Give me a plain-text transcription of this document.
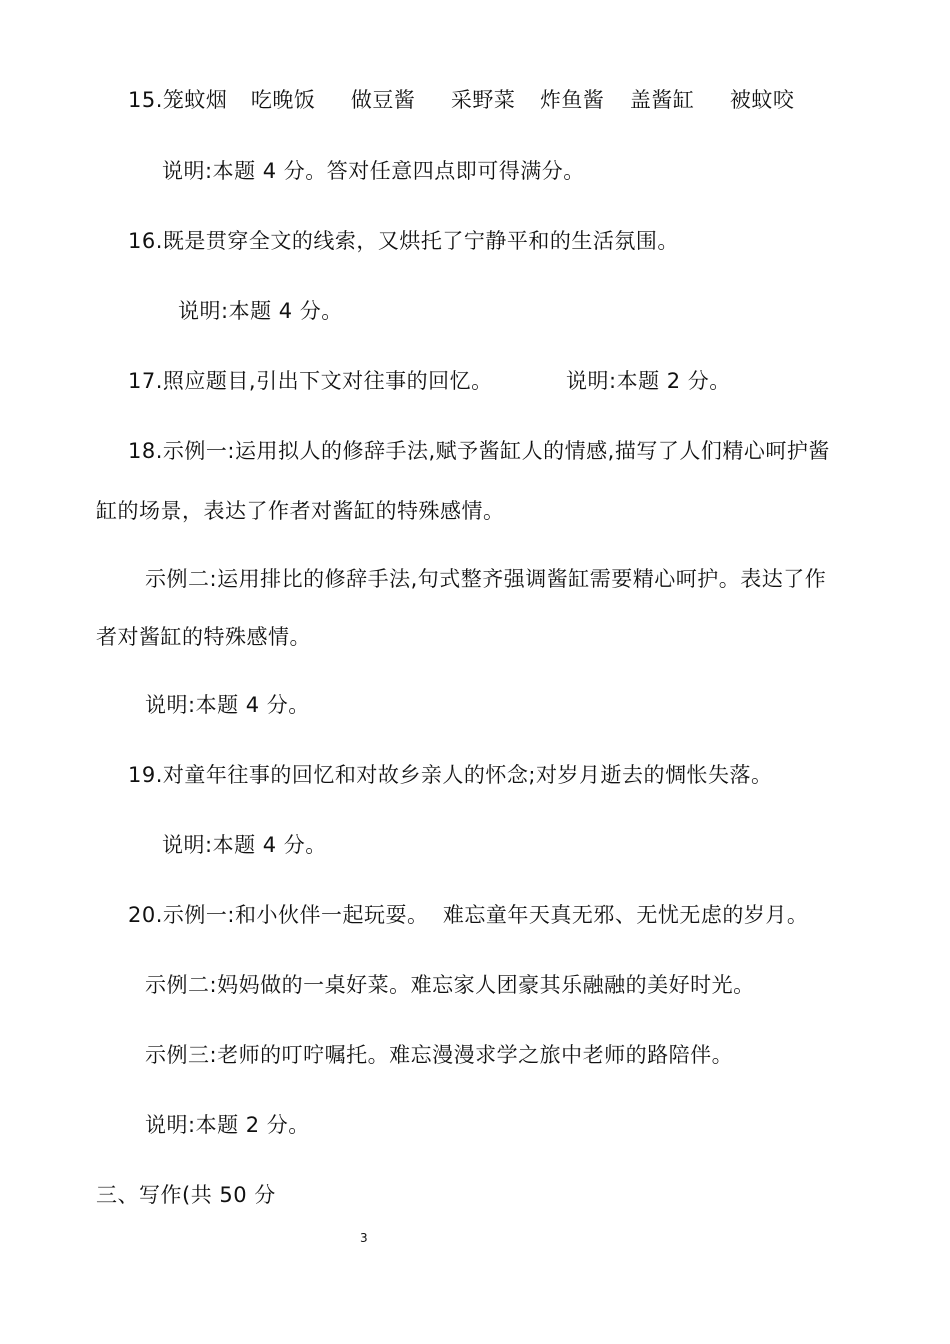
15.笼蚊烟 吃晚饭 做豆酱 采野菜 炸鱼酱 盖酱缸 被蚊咬
说明:本题 4 分。答对任意四点即可得满分。
16.既是贯穿全文的线索，又烘托了宁静平和的生活氛围。
说明:本题 4 分。
17.照应题目,引出下文对往事的回忆。	说明:本题 2 分。
18.示例一:运用拟人的修辞手法,赋予酱缸人的情感,描写了人们精心呵护酱
缸的场景，表达了作者对酱缸的特殊感情。
示例二:运用排比的修辞手法,句式整齐强调酱缸需要精心呵护。表达了作
者对酱缸的特殊感情。
说明:本题 4 分。
19.对童年往事的回忆和对故乡亲人的怀念;对岁月逝去的惆怅失落。
说明:本题 4 分。
20.示例一:和小伙伴一起玩耍。  难忘童年天真无邪、无忧无虑的岁月。
示例二:妈妈做的一桌好菜。难忘家人团豪其乐融融的美好时光。
示例三:老师的叮咛嘱托。难忘漫漫求学之旅中老师的路陪伴。
说明:本题 2 分。
三、写作(共 50 分
3
